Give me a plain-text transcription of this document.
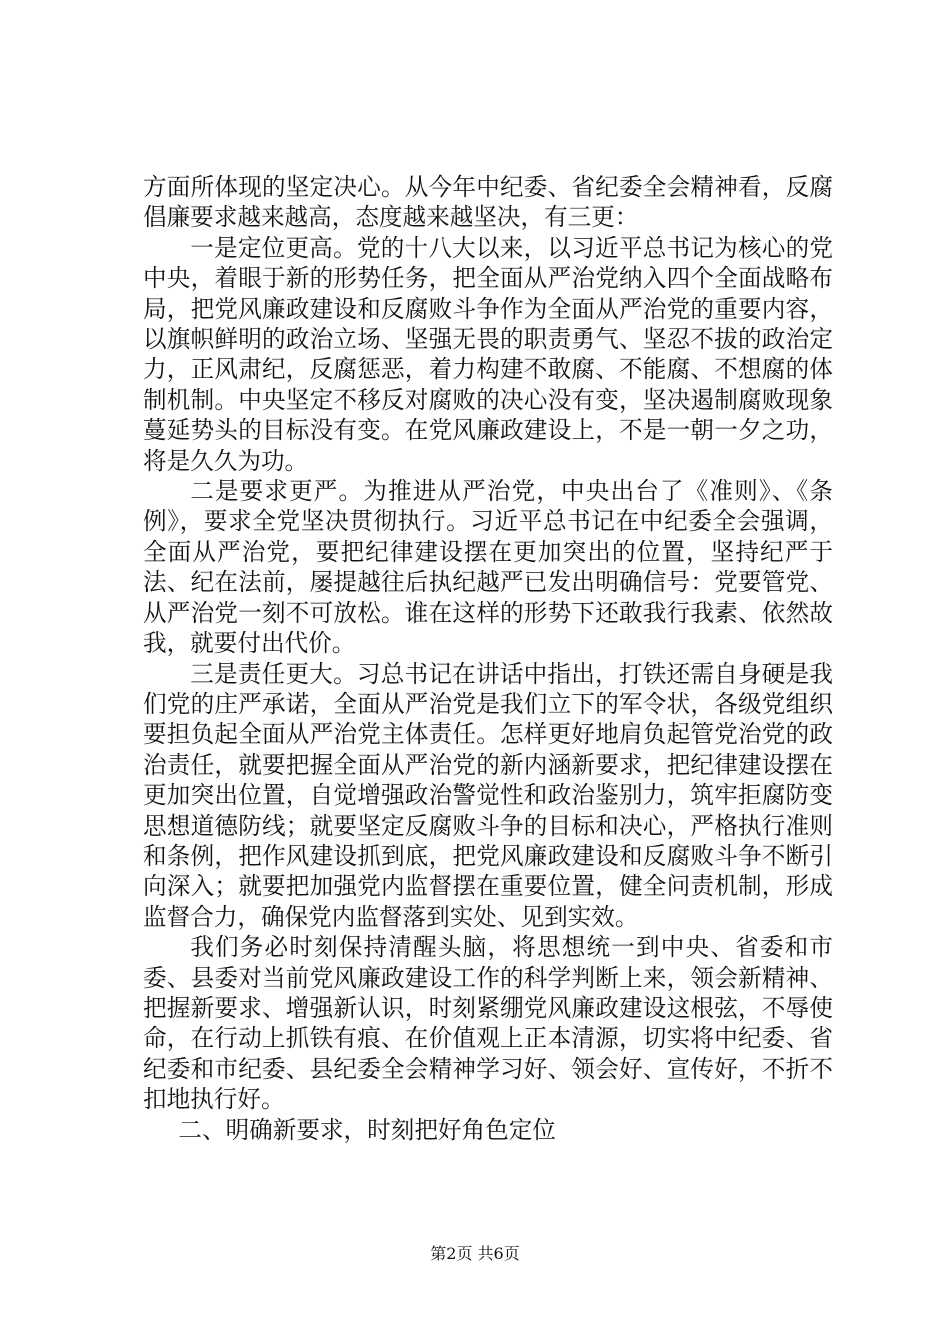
方面所体现的坚定决心。从今年中纪委、省纪委全会精神看，反腐倡廉要求越来越高，态度越来越坚决，有三更：

一是定位更高。党的十八大以来，以习近平总书记为核心的党中央，着眼于新的形势任务，把全面从严治党纳入四个全面战略布局，把党风廉政建设和反腐败斗争作为全面从严治党的重要内容，以旗帜鲜明的政治立场、坚强无畏的职责勇气、坚忍不拔的政治定力，正风肃纪，反腐惩恶，着力构建不敢腐、不能腐、不想腐的体制机制。中央坚定不移反对腐败的决心没有变，坚决遏制腐败现象蔓延势头的目标没有变。在党风廉政建设上，不是一朝一夕之功，将是久久为功。

二是要求更严。为推进从严治党，中央出台了《准则》、《条例》，要求全党坚决贯彻执行。习近平总书记在中纪委全会强调，全面从严治党，要把纪律建设摆在更加突出的位置，坚持纪严于法、纪在法前，屡提越往后执纪越严已发出明确信号：党要管党、从严治党一刻不可放松。谁在这样的形势下还敢我行我素、依然故我，就要付出代价。

三是责任更大。习总书记在讲话中指出，打铁还需自身硬是我们党的庄严承诺，全面从严治党是我们立下的军令状，各级党组织要担负起全面从严治党主体责任。怎样更好地肩负起管党治党的政治责任，就要把握全面从严治党的新内涵新要求，把纪律建设摆在更加突出位置，自觉增强政治警觉性和政治鉴别力，筑牢拒腐防变思想道德防线；就要坚定反腐败斗争的目标和决心，严格执行准则和条例，把作风建设抓到底，把党风廉政建设和反腐败斗争不断引向深入；就要把加强党内监督摆在重要位置，健全问责机制，形成监督合力，确保党内监督落到实处、见到实效。

我们务必时刻保持清醒头脑，将思想统一到中央、省委和市委、县委对当前党风廉政建设工作的科学判断上来，领会新精神、把握新要求、增强新认识，时刻紧绷党风廉政建设这根弦，不辱使命，在行动上抓铁有痕、在价值观上正本清源，切实将中纪委、省纪委和市纪委、县纪委全会精神学习好、领会好、宣传好，不折不扣地执行好。

二、明确新要求，时刻把好角色定位

第2页 共6页
